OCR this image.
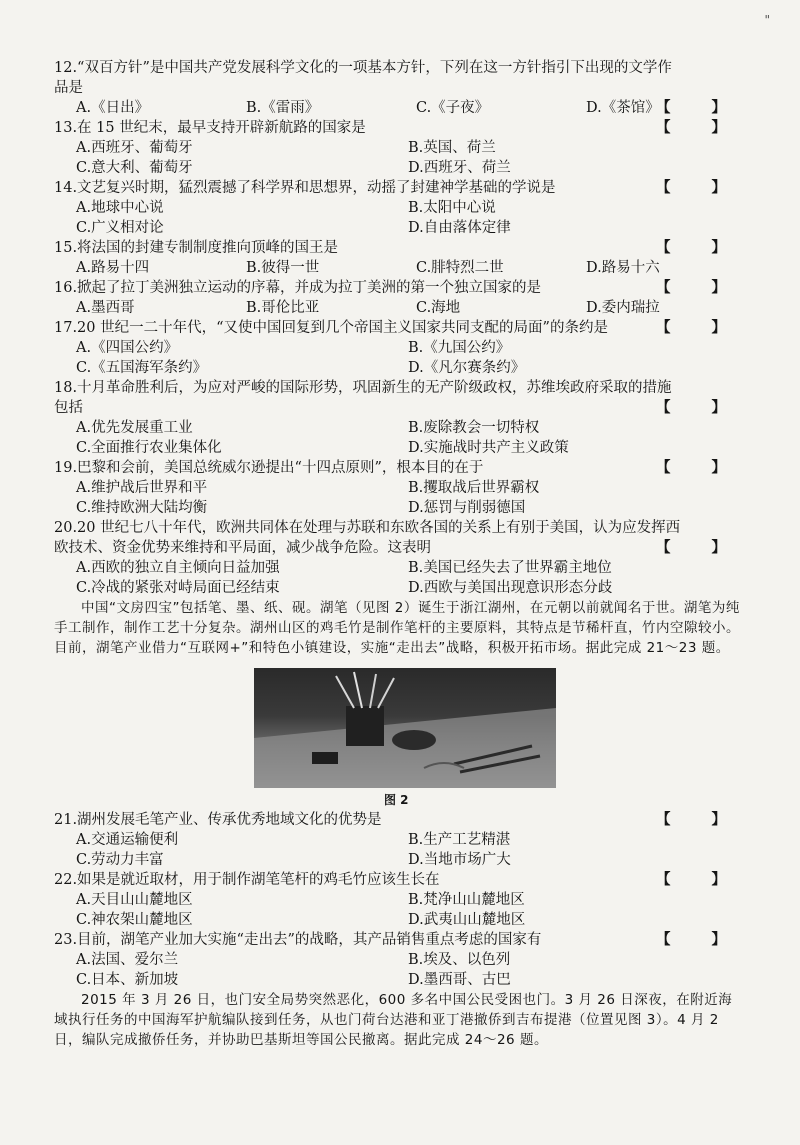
"
12.“双百方针”是中国共产党发展科学文化的一项基本方针，下列在这一方针指引下出现的文学作品是
【 】
A.《日出》	B.《雷雨》	C.《子夜》	D.《茶馆》
13.在 15 世纪末，最早支持开辟新航路的国家是	【 】
A.西班牙、葡萄牙	B.英国、荷兰
C.意大利、葡萄牙	D.西班牙、荷兰
14.文艺复兴时期，猛烈震撼了科学界和思想界，动摇了封建神学基础的学说是	【 】
A.地球中心说	B.太阳中心说
C.广义相对论	D.自由落体定律
15.将法国的封建专制制度推向顶峰的国王是	【 】
A.路易十四	B.彼得一世	C.腓特烈二世	D.路易十六
16.掀起了拉丁美洲独立运动的序幕，并成为拉丁美洲的第一个独立国家的是	【 】
A.墨西哥	B.哥伦比亚	C.海地	D.委内瑞拉
17.20 世纪一二十年代，“又使中国回复到几个帝国主义国家共同支配的局面”的条约是	【 】
A.《四国公约》	B.《九国公约》
C.《五国海军条约》	D.《凡尔赛条约》
18.十月革命胜利后，为应对严峻的国际形势，巩固新生的无产阶级政权，苏维埃政府采取的措施包括	【 】
A.优先发展重工业	B.废除教会一切特权
C.全面推行农业集体化	D.实施战时共产主义政策
19.巴黎和会前，美国总统威尔逊提出“十四点原则”，根本目的在于	【 】
A.维护战后世界和平	B.攫取战后世界霸权
C.维持欧洲大陆均衡	D.惩罚与削弱德国
20.20 世纪七八十年代，欧洲共同体在处理与苏联和东欧各国的关系上有别于美国，认为应发挥西欧技术、资金优势来维持和平局面，减少战争危险。这表明	【 】
A.西欧的独立自主倾向日益加强	B.美国已经失去了世界霸主地位
C.冷战的紧张对峙局面已经结束	D.西欧与美国出现意识形态分歧
中国“文房四宝”包括笔、墨、纸、砚。湖笔（见图 2）诞生于浙江湖州，在元朝以前就闻名于世。湖笔为纯手工制作，制作工艺十分复杂。湖州山区的鸡毛竹是制作笔杆的主要原料，其特点是节稀杆直，竹内空隙较小。目前，湖笔产业借力“互联网+”和特色小镇建设，实施“走出去”战略，积极开拓市场。据此完成 21～23 题。
图 2
21.湖州发展毛笔产业、传承优秀地域文化的优势是	【 】
A.交通运输便利	B.生产工艺精湛
C.劳动力丰富	D.当地市场广大
22.如果是就近取材，用于制作湖笔笔杆的鸡毛竹应该生长在	【 】
A.天目山山麓地区	B.梵净山山麓地区
C.神农架山麓地区	D.武夷山山麓地区
23.目前，湖笔产业加大实施“走出去”的战略，其产品销售重点考虑的国家有	【 】
A.法国、爱尔兰	B.埃及、以色列
C.日本、新加坡	D.墨西哥、古巴
2015 年 3 月 26 日，也门安全局势突然恶化，600 多名中国公民受困也门。3 月 26 日深夜，在附近海域执行任务的中国海军护航编队接到任务，从也门荷台达港和亚丁港撤侨到吉布提港（位置见图 3）。4 月 2 日，编队完成撤侨任务，并协助巴基斯坦等国公民撤离。据此完成 24～26 题。
